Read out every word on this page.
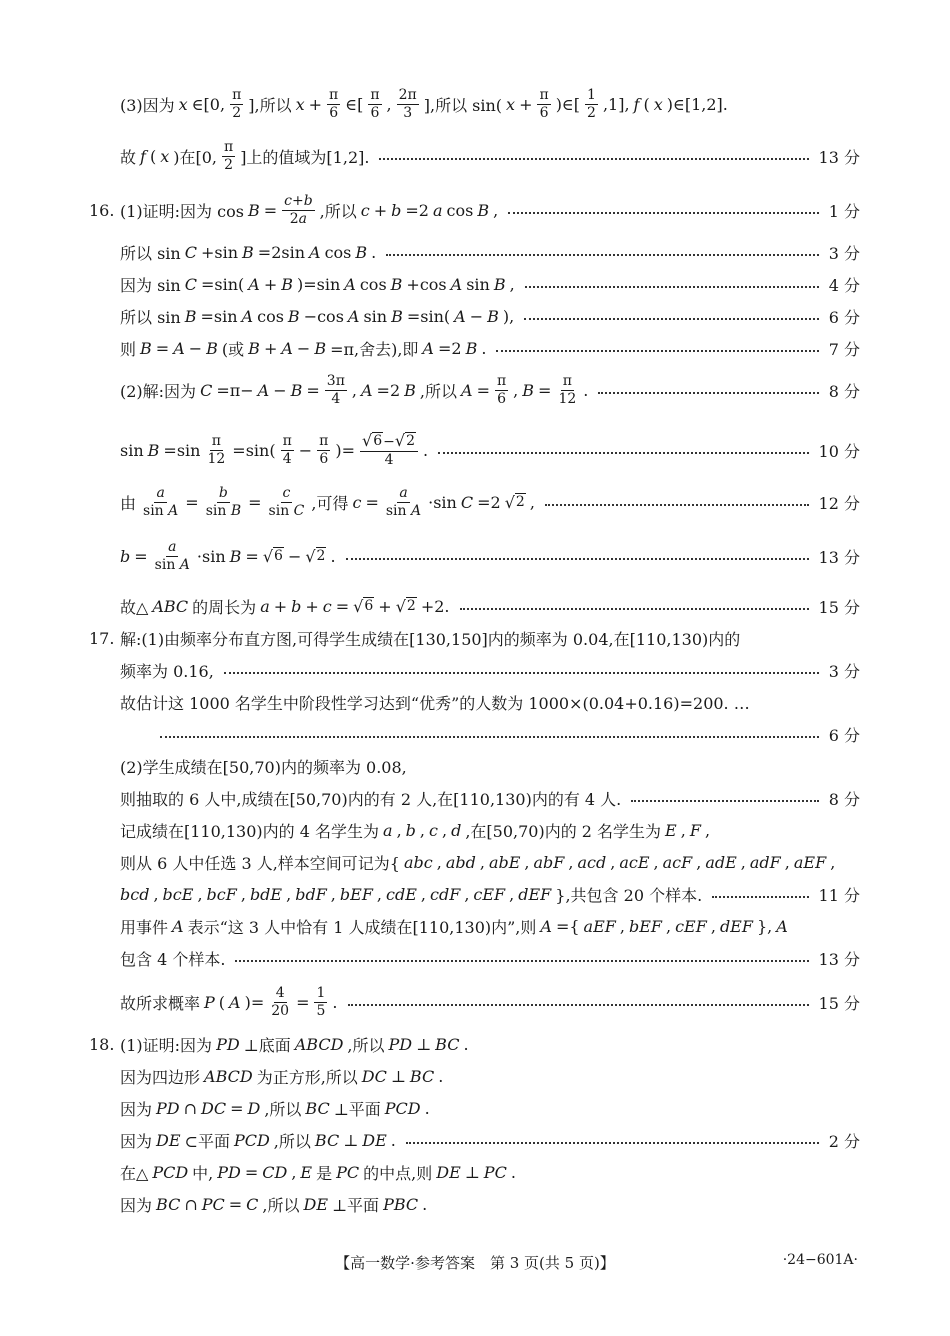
(3)因为 x ∈[0, π
2 ],所以 x + π
6 ∈[ π
6 , 2π
3 ],所以 sin( x + π
6 )∈[ 1
2 ,1], f ( x )∈[1,2].
故 f ( x )在[0,
π
2 ]上的值域为[1,2].	13 分
16. (1)证明:因为 cos B = c+b
2a ,所以 c + b =2 a cos B ,	1 分
所以 sin C +sin B =2sin A cos B .	3 分
因为 sin C =sin( A + B )=sin A cos B +cos A sin B ,	4 分
所以 sin B =sin A cos B −cos A sin B =sin( A − B ),	6 分
则 B = A − B (或 B + A − B =π,舍去),即 A =2 B .	7 分
(2)解:因为 C =π− A − B = 3π
4 , A =2 B ,所以 A = π
6 , B = π
12 .	8 分
sin B =sin π
12 =sin( π
4 − π
6 )=
√ 6 − √ 2
4 .	10 分
由
a
sin A = b
sin B = c
sin C ,可得 c = a
sin A ·sin C =2 √ 2 ,	12 分
b = a
sin A ·sin B = √ 6 − √ 2 .	13 分
故△ ABC 的周长为 a + b + c = √ 6 + √ 2 +2.	15 分
17. 解:(1)由频率分布直方图,可得学生成绩在[130,150]内的频率为 0.04,在[110,130)内的
频率为 0.16,	3 分
故估计这 1000 名学生中阶段性学习达到“优秀”的人数为 1000×(0.04+0.16)=200. …
6 分
(2)学生成绩在[50,70)内的频率为 0.08,
则抽取的 6 人中,成绩在[50,70)内的有 2 人,在[110,130)内的有 4 人.	8 分
记成绩在[110,130)内的 4 名学生为 a , b , c , d ,在[50,70)内的 2 名学生为 E , F ,
则从 6 人中任选 3 人,样本空间可记为{ abc , abd , abE , abF , acd , acE , acF , adE , adF , aEF ,
bcd , bcE , bcF , bdE , bdF , bEF , cdE , cdF , cEF , dEF },共包含 20 个样本.	11 分
用事件 A 表示“这 3 人中恰有 1 人成绩在[110,130)内”,则 A ={ aEF , bEF , cEF , dEF }, A
包含 4 个样本.	13 分
故所求概率 P ( A )= 4
20 = 1
5 .	15 分
18. (1)证明:因为 PD ⊥底面 ABCD ,所以 PD ⊥ BC .
因为四边形 ABCD 为正方形,所以 DC ⊥ BC .
因为 PD ∩ DC = D ,所以 BC ⊥平面 PCD .
因为 DE ⊂平面 PCD ,所以 BC ⊥ DE .	2 分
在△ PCD 中, PD = CD , E 是 PC 的中点,则 DE ⊥ PC .
因为 BC ∩ PC = C ,所以 DE ⊥平面 PBC .
【高一数学·参考答案　第 3 页(共 5 页)】	·24−601A·
